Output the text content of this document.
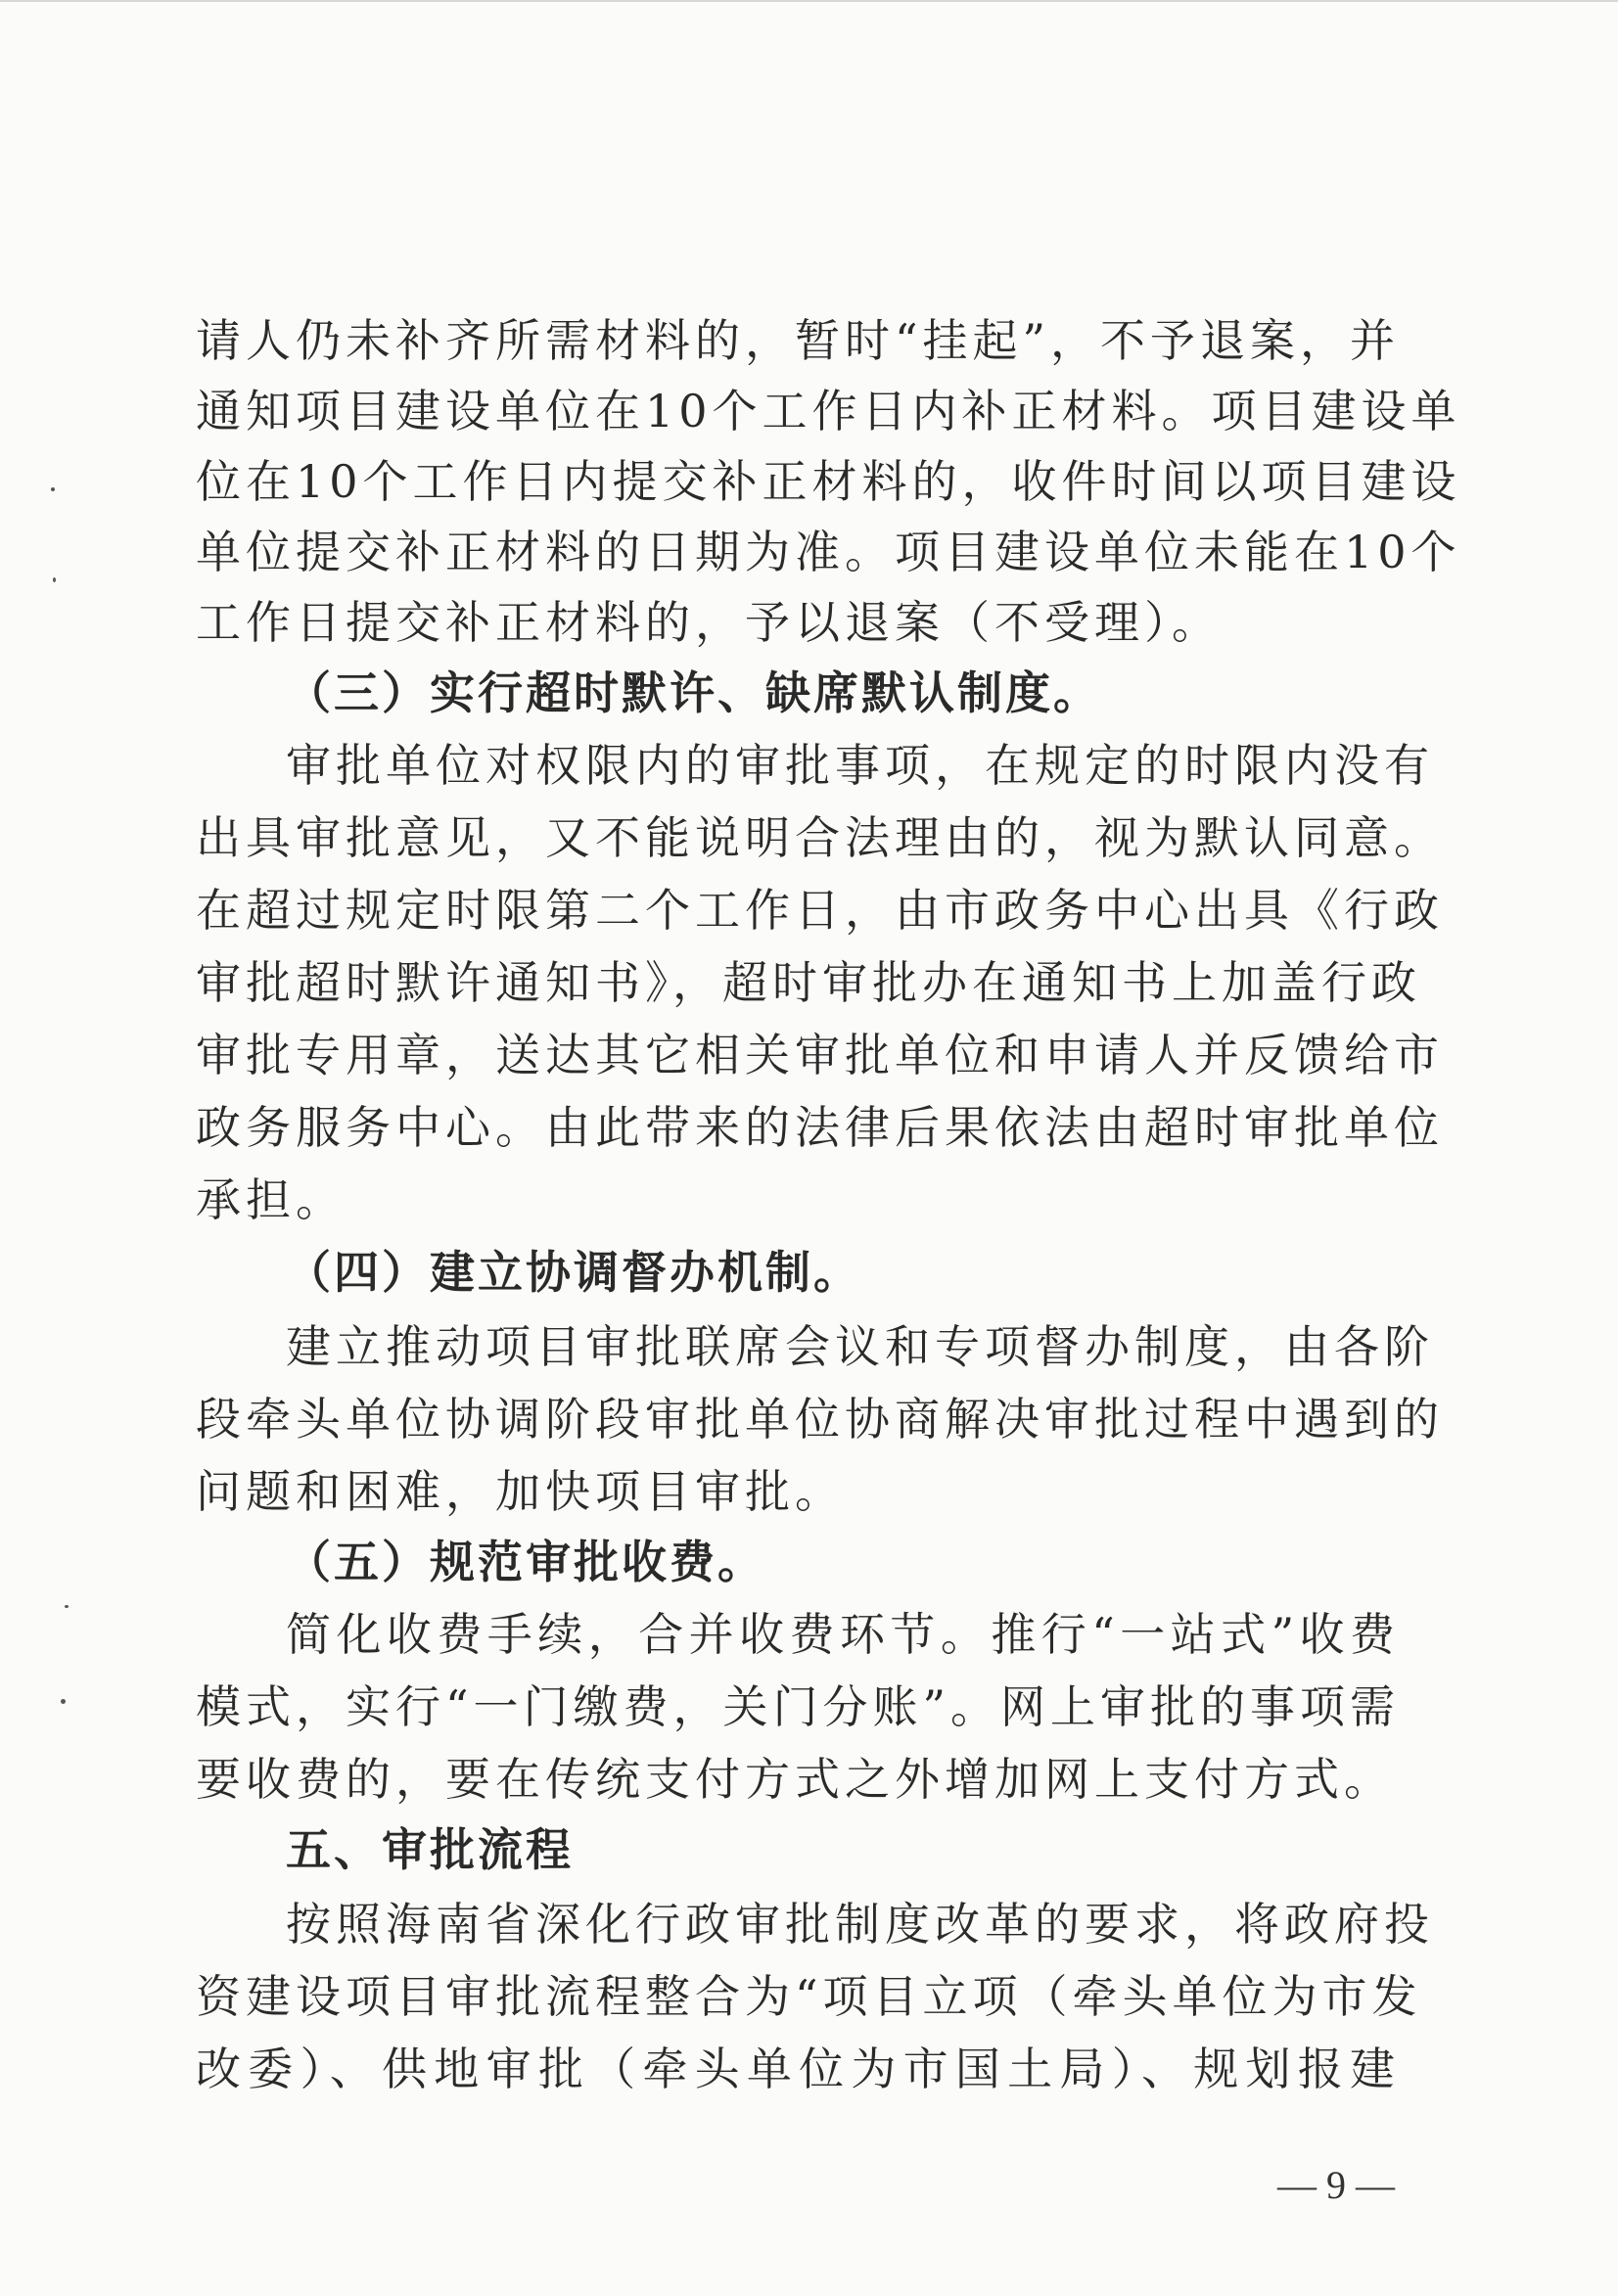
请人仍未补齐所需材料的，暂时“挂起”，不予退案，并
通知项目建设单位在10个工作日内补正材料。项目建设单
位在10个工作日内提交补正材料的，收件时间以项目建设
单位提交补正材料的日期为准。项目建设单位未能在10个
工作日提交补正材料的，予以退案（不受理）。
（三）实行超时默许、缺席默认制度。
审批单位对权限内的审批事项，在规定的时限内没有
出具审批意见，又不能说明合法理由的，视为默认同意。
在超过规定时限第二个工作日，由市政务中心出具《行政
审批超时默许通知书》，超时审批办在通知书上加盖行政
审批专用章，送达其它相关审批单位和申请人并反馈给市
政务服务中心。由此带来的法律后果依法由超时审批单位
承担。
（四）建立协调督办机制。
建立推动项目审批联席会议和专项督办制度，由各阶
段牵头单位协调阶段审批单位协商解决审批过程中遇到的
问题和困难，加快项目审批。
（五）规范审批收费。
简化收费手续，合并收费环节。推行“一站式”收费
模式，实行“一门缴费，关门分账”。网上审批的事项需
要收费的，要在传统支付方式之外增加网上支付方式。
五、审批流程
按照海南省深化行政审批制度改革的要求，将政府投
资建设项目审批流程整合为“项目立项（牵头单位为市发
改委）、供地审批（牵头单位为市国土局）、规划报建
— 9 —
